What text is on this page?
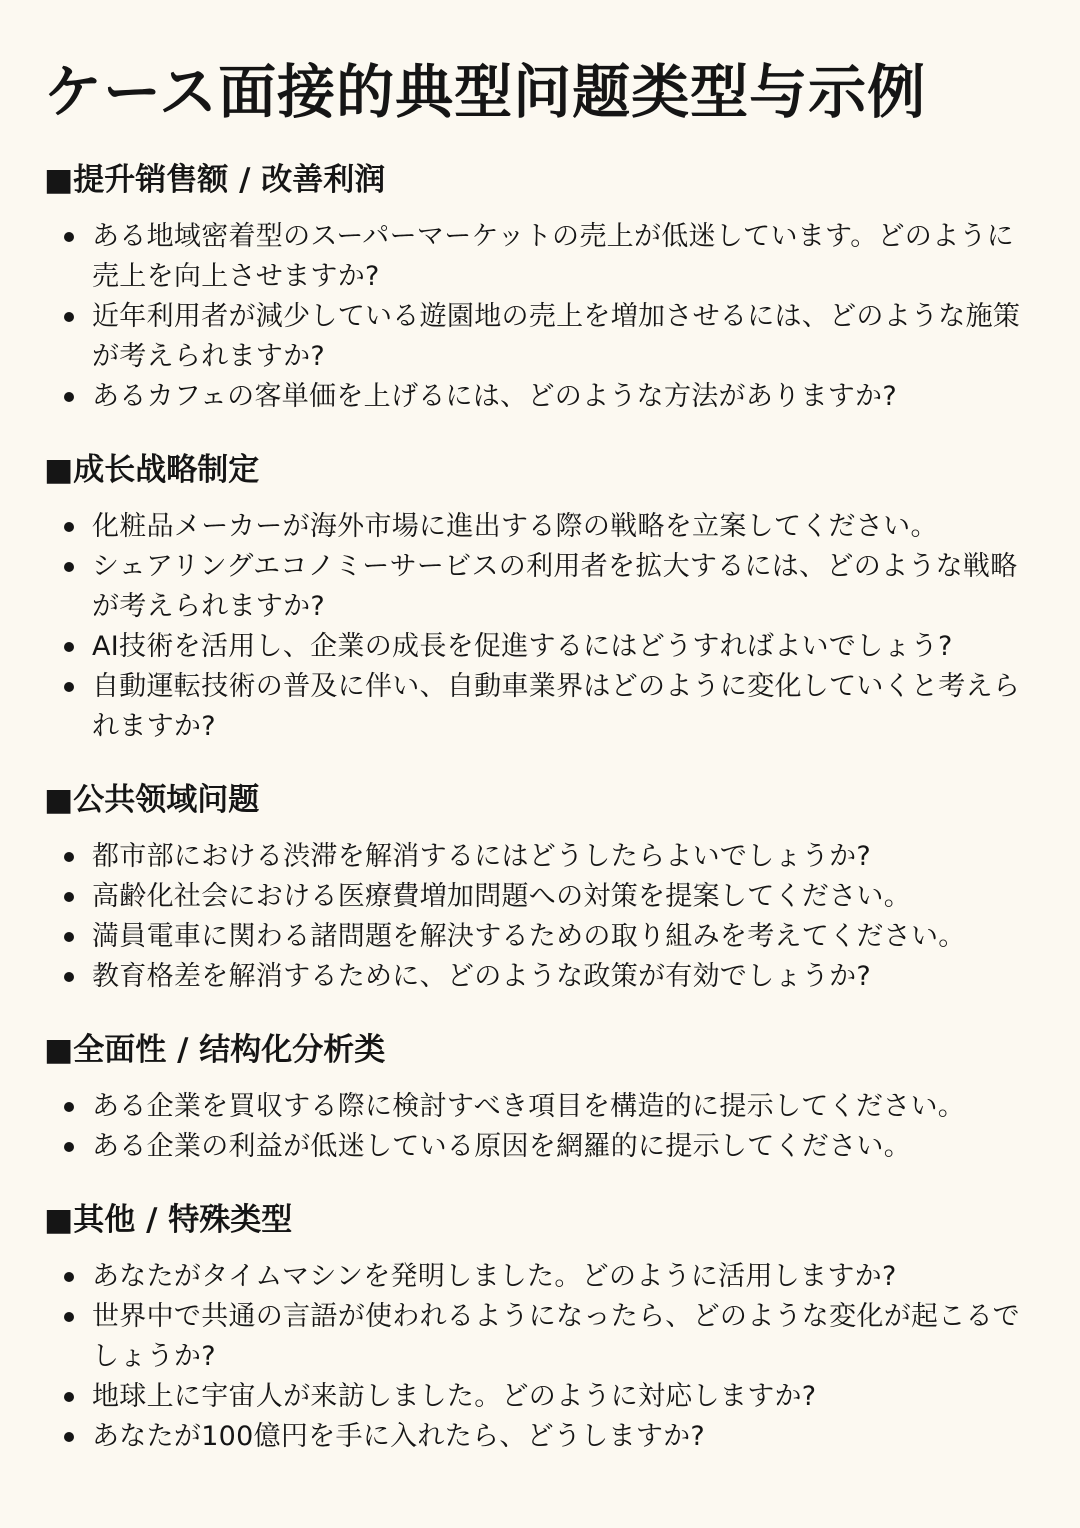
ケース面接的典型问题类型与示例
■提升销售额 / 改善利润
ある地域密着型のスーパーマーケットの売上が低迷しています。どのように売上を向上させますか?
近年利用者が減少している遊園地の売上を増加させるには、どのような施策が考えられますか?
あるカフェの客単価を上げるには、どのような方法がありますか?
■成长战略制定
化粧品メーカーが海外市場に進出する際の戦略を立案してください。
シェアリングエコノミーサービスの利用者を拡大するには、どのような戦略が考えられますか?
AI技術を活用し、企業の成長を促進するにはどうすればよいでしょう?
自動運転技術の普及に伴い、自動車業界はどのように変化していくと考えられますか?
■公共领域问题
都市部における渋滞を解消するにはどうしたらよいでしょうか?
高齢化社会における医療費増加問題への対策を提案してください。
満員電車に関わる諸問題を解決するための取り組みを考えてください。
教育格差を解消するために、どのような政策が有効でしょうか?
■全面性 / 结构化分析类
ある企業を買収する際に検討すべき項目を構造的に提示してください。
ある企業の利益が低迷している原因を網羅的に提示してください。
■其他 / 特殊类型
あなたがタイムマシンを発明しました。どのように活用しますか?
世界中で共通の言語が使われるようになったら、どのような変化が起こるでしょうか?
地球上に宇宙人が来訪しました。どのように対応しますか?
あなたが100億円を手に入れたら、どうしますか?
